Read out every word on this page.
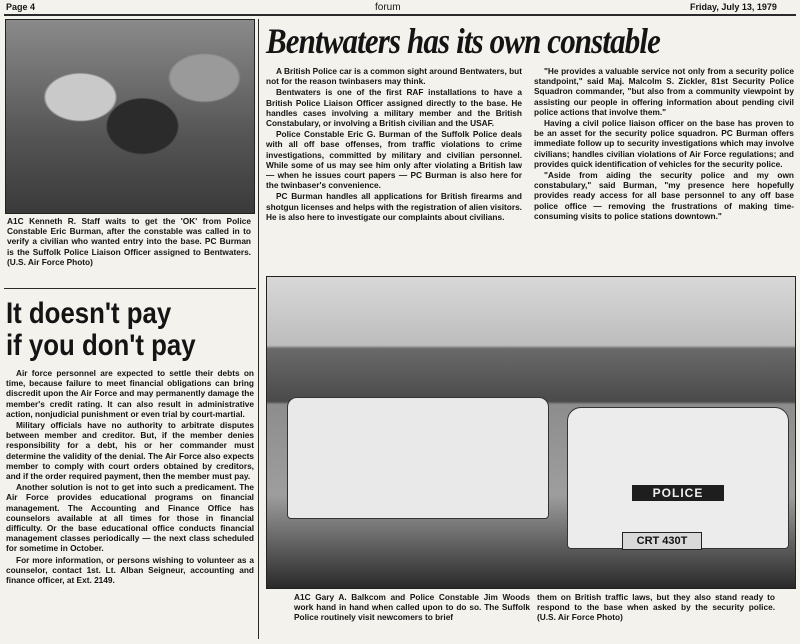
Page 4	forum	Friday, July 13, 1979

A1C Kenneth R. Staff waits to get the 'OK' from Police Constable Eric Burman, after the constable was called in to verify a civilian who wanted entry into the base. PC Burman is the Suffolk Police Liaison Officer assigned to Bentwaters. (U.S. Air Force Photo)

Bentwaters has its own constable

A British Police car is a common sight around Bentwaters, but not for the reason twinbasers may think.

Bentwaters is one of the first RAF installations to have a British Police Liaison Officer assigned directly to the base. He handles cases involving a military member and the British Constabulary, or involving a British civilian and the USAF.

Police Constable Eric G. Burman of the Suffolk Police deals with all off base offenses, from traffic violations to crime investigations, committed by military and civilian personnel. While some of us may see him only after violating a British law — when he issues court papers — PC Burman is also here for the twinbaser's convenience.

PC Burman handles all applications for British firearms and shotgun licenses and helps with the registration of alien visitors. He is also here to investigate our complaints about civilians.

"He provides a valuable service not only from a security police standpoint," said Maj. Malcolm S. Zickler, 81st Security Police Squadron commander, "but also from a community viewpoint by assisting our people in offering information about pending civil police actions that involve them."

Having a civil police liaison officer on the base has proven to be an asset for the security police squadron. PC Burman offers immediate follow up to security investigations which may involve civilians; handles civilian violations of Air Force regulations; and provides quick identification of vehicles for the security police.

"Aside from aiding the security police and my own constabulary," said Burman, "my presence here hopefully provides ready access for all base personnel to any off base police office — removing the frustrations of making time-consuming visits to police stations downtown."

It doesn't pay
if you don't pay

Air force personnel are expected to settle their debts on time, because failure to meet financial obligations can bring discredit upon the Air Force and may permanently damage the member's credit rating. It can also result in administrative action, nonjudicial punishment or even trial by court-martial.

Military officials have no authority to arbitrate disputes between member and creditor. But, if the member denies responsibility for a debt, his or her commander must determine the validity of the denial. The Air Force also expects member to comply with court orders obtained by creditors, and if the order required payment, then the member must pay.

Another solution is not to get into such a predicament. The Air Force provides educational programs on financial management. The Accounting and Finance Office has counselors available at all times for those in financial difficulty. Or the base educational office conducts financial management classes periodically — the next class scheduled for sometime in October.

For more information, or persons wishing to volunteer as a counselor, contact 1st. Lt. Alban Seigneur, accounting and finance officer, at Ext. 2149.

POLICE
CRT 430T

A1C Gary A. Balkcom and Police Constable Jim Woods work hand in hand when called upon to do so. The Suffolk Police routinely visit newcomers to brief

them on British traffic laws, but they also stand ready to respond to the base when asked by the security police. (U.S. Air Force Photo)
